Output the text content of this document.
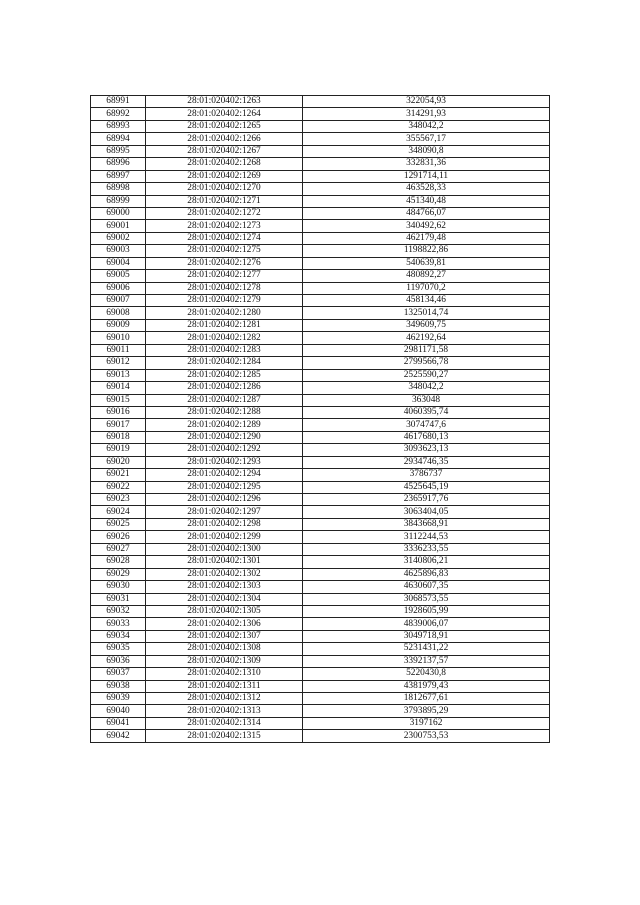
68991	28:01:020402:1263	322054,93
68992	28:01:020402:1264	314291,93
68993	28:01:020402:1265	348042,2
68994	28:01:020402:1266	355567,17
68995	28:01:020402:1267	348090,8
68996	28:01:020402:1268	332831,36
68997	28:01:020402:1269	1291714,11
68998	28:01:020402:1270	463528,33
68999	28:01:020402:1271	451340,48
69000	28:01:020402:1272	484766,07
69001	28:01:020402:1273	340492,62
69002	28:01:020402:1274	462179,48
69003	28:01:020402:1275	1198822,86
69004	28:01:020402:1276	540639,81
69005	28:01:020402:1277	480892,27
69006	28:01:020402:1278	1197070,2
69007	28:01:020402:1279	458134,46
69008	28:01:020402:1280	1325014,74
69009	28:01:020402:1281	349609,75
69010	28:01:020402:1282	462192,64
69011	28:01:020402:1283	2981171,58
69012	28:01:020402:1284	2799566,78
69013	28:01:020402:1285	2525590,27
69014	28:01:020402:1286	348042,2
69015	28:01:020402:1287	363048
69016	28:01:020402:1288	4060395,74
69017	28:01:020402:1289	3074747,6
69018	28:01:020402:1290	4617680,13
69019	28:01:020402:1292	3093623,13
69020	28:01:020402:1293	2934746,35
69021	28:01:020402:1294	3786737
69022	28:01:020402:1295	4525645,19
69023	28:01:020402:1296	2365917,76
69024	28:01:020402:1297	3063404,05
69025	28:01:020402:1298	3843668,91
69026	28:01:020402:1299	3112244,53
69027	28:01:020402:1300	3336233,55
69028	28:01:020402:1301	3140806,21
69029	28:01:020402:1302	4625896,83
69030	28:01:020402:1303	4630607,35
69031	28:01:020402:1304	3068573,55
69032	28:01:020402:1305	1928605,99
69033	28:01:020402:1306	4839006,07
69034	28:01:020402:1307	3049718,91
69035	28:01:020402:1308	5231431,22
69036	28:01:020402:1309	3392137,57
69037	28:01:020402:1310	5220430,8
69038	28:01:020402:1311	4381979,43
69039	28:01:020402:1312	1812677,61
69040	28:01:020402:1313	3793895,29
69041	28:01:020402:1314	3197162
69042	28:01:020402:1315	2300753,53
